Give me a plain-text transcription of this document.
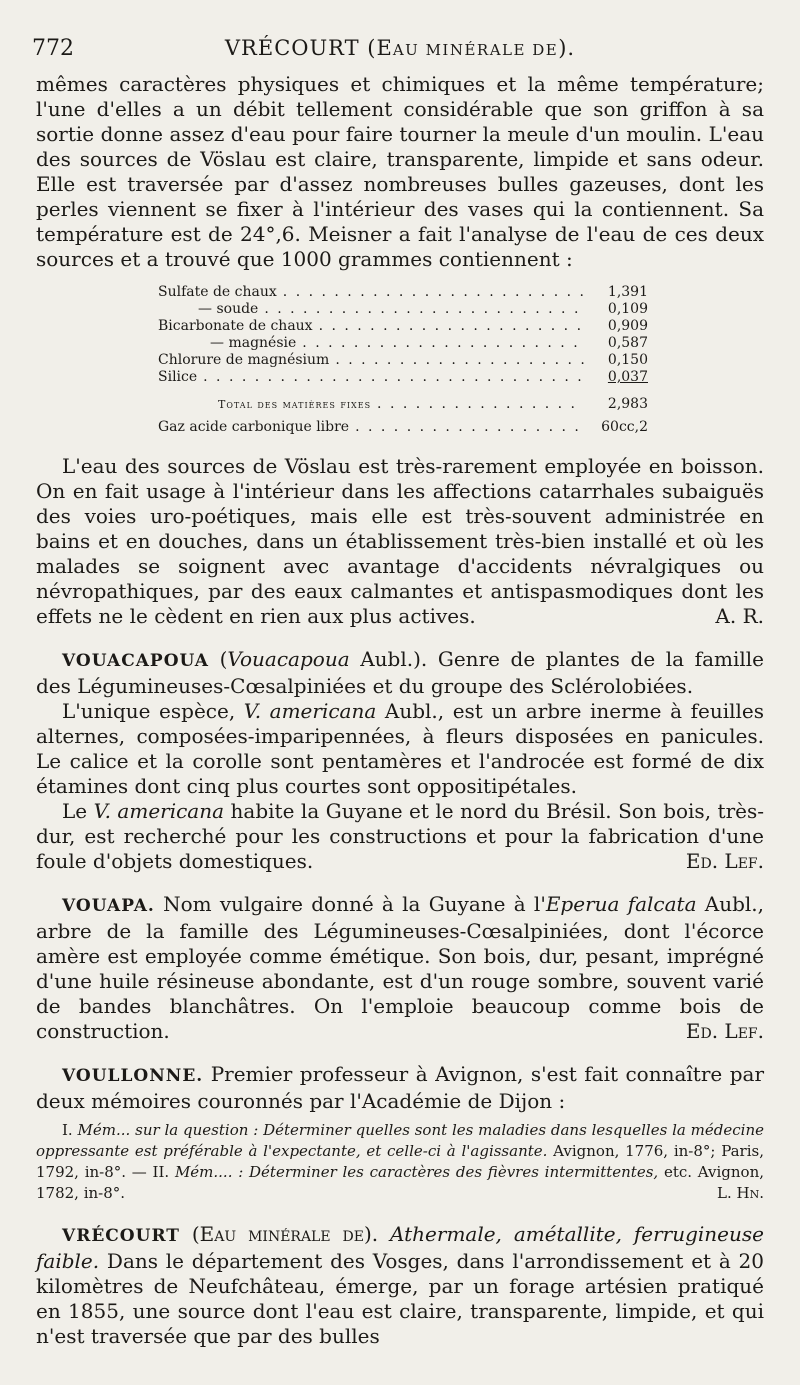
772	VRÉCOURT (EAU MINÉRALE DE).

mêmes caractères physiques et chimiques et la même température; l'une d'elles a un débit tellement considérable que son griffon à sa sortie donne assez d'eau pour faire tourner la meule d'un moulin. L'eau des sources de Vöslau est claire, transparente, limpide et sans odeur. Elle est traversée par d'assez nombreuses bulles gazeuses, dont les perles viennent se fixer à l'intérieur des vases qui la contiennent. Sa température est de 24°,6. Meisner a fait l'analyse de l'eau de ces deux sources et a trouvé que 1000 grammes contiennent :

Sulfate de chaux . . .	1,391
— soude . . .	0,109
Bicarbonate de chaux . . .	0,909
— magnésie . . .	0,587
Chlorure de magnésium . . .	0,150
Silice . . .	0,037
Total des matières fixes . . .	2,983
Gaz acide carbonique libre . . .	60cc,2

L'eau des sources de Vöslau est très-rarement employée en boisson. On en fait usage à l'intérieur dans les affections catarrhales subaiguës des voies uro-poétiques, mais elle est très-souvent administrée en bains et en douches, dans un établissement très-bien installé et où les malades se soignent avec avantage d'accidents névralgiques ou névropathiques, par des eaux calmantes et antispasmodiques dont les effets ne le cèdent en rien aux plus actives.	A. R.

VOUACAPOUA (Vouacapoua Aubl.). Genre de plantes de la famille des Légumineuses-Cœsalpiniées et du groupe des Sclérolobiées.

L'unique espèce, V. americana Aubl., est un arbre inerme à feuilles alternes, composées-imparipennées, à fleurs disposées en panicules. Le calice et la corolle sont pentamères et l'androcée est formé de dix étamines dont cinq plus courtes sont oppositipétales.

Le V. americana habite la Guyane et le nord du Brésil. Son bois, très-dur, est recherché pour les constructions et pour la fabrication d'une foule d'objets domestiques.	Ed. Lef.

VOUAPA. Nom vulgaire donné à la Guyane à l'Eperua falcata Aubl., arbre de la famille des Légumineuses-Cœsalpiniées, dont l'écorce amère est employée comme émétique. Son bois, dur, pesant, imprégné d'une huile résineuse abondante, est d'un rouge sombre, souvent varié de bandes blanchâtres. On l'emploie beaucoup comme bois de construction.	Ed. Lef.

VOULLONNE. Premier professeur à Avignon, s'est fait connaître par deux mémoires couronnés par l'Académie de Dijon :

I. Mém... sur la question : Déterminer quelles sont les maladies dans lesquelles la médecine oppressante est préférable à l'expectante, et celle-ci à l'agissante. Avignon, 1776, in-8°; Paris, 1792, in-8°. — II. Mém.... : Déterminer les caractères des fièvres intermittentes, etc. Avignon, 1782, in-8°.	L. Hn.

VRÉCOURT (Eau minérale de). Athermale, amétallite, ferrugineuse faible. Dans le département des Vosges, dans l'arrondissement et à 20 kilomètres de Neufchâteau, émerge, par un forage artésien pratiqué en 1855, une source dont l'eau est claire, transparente, limpide, et qui n'est traversée que par des bulles
